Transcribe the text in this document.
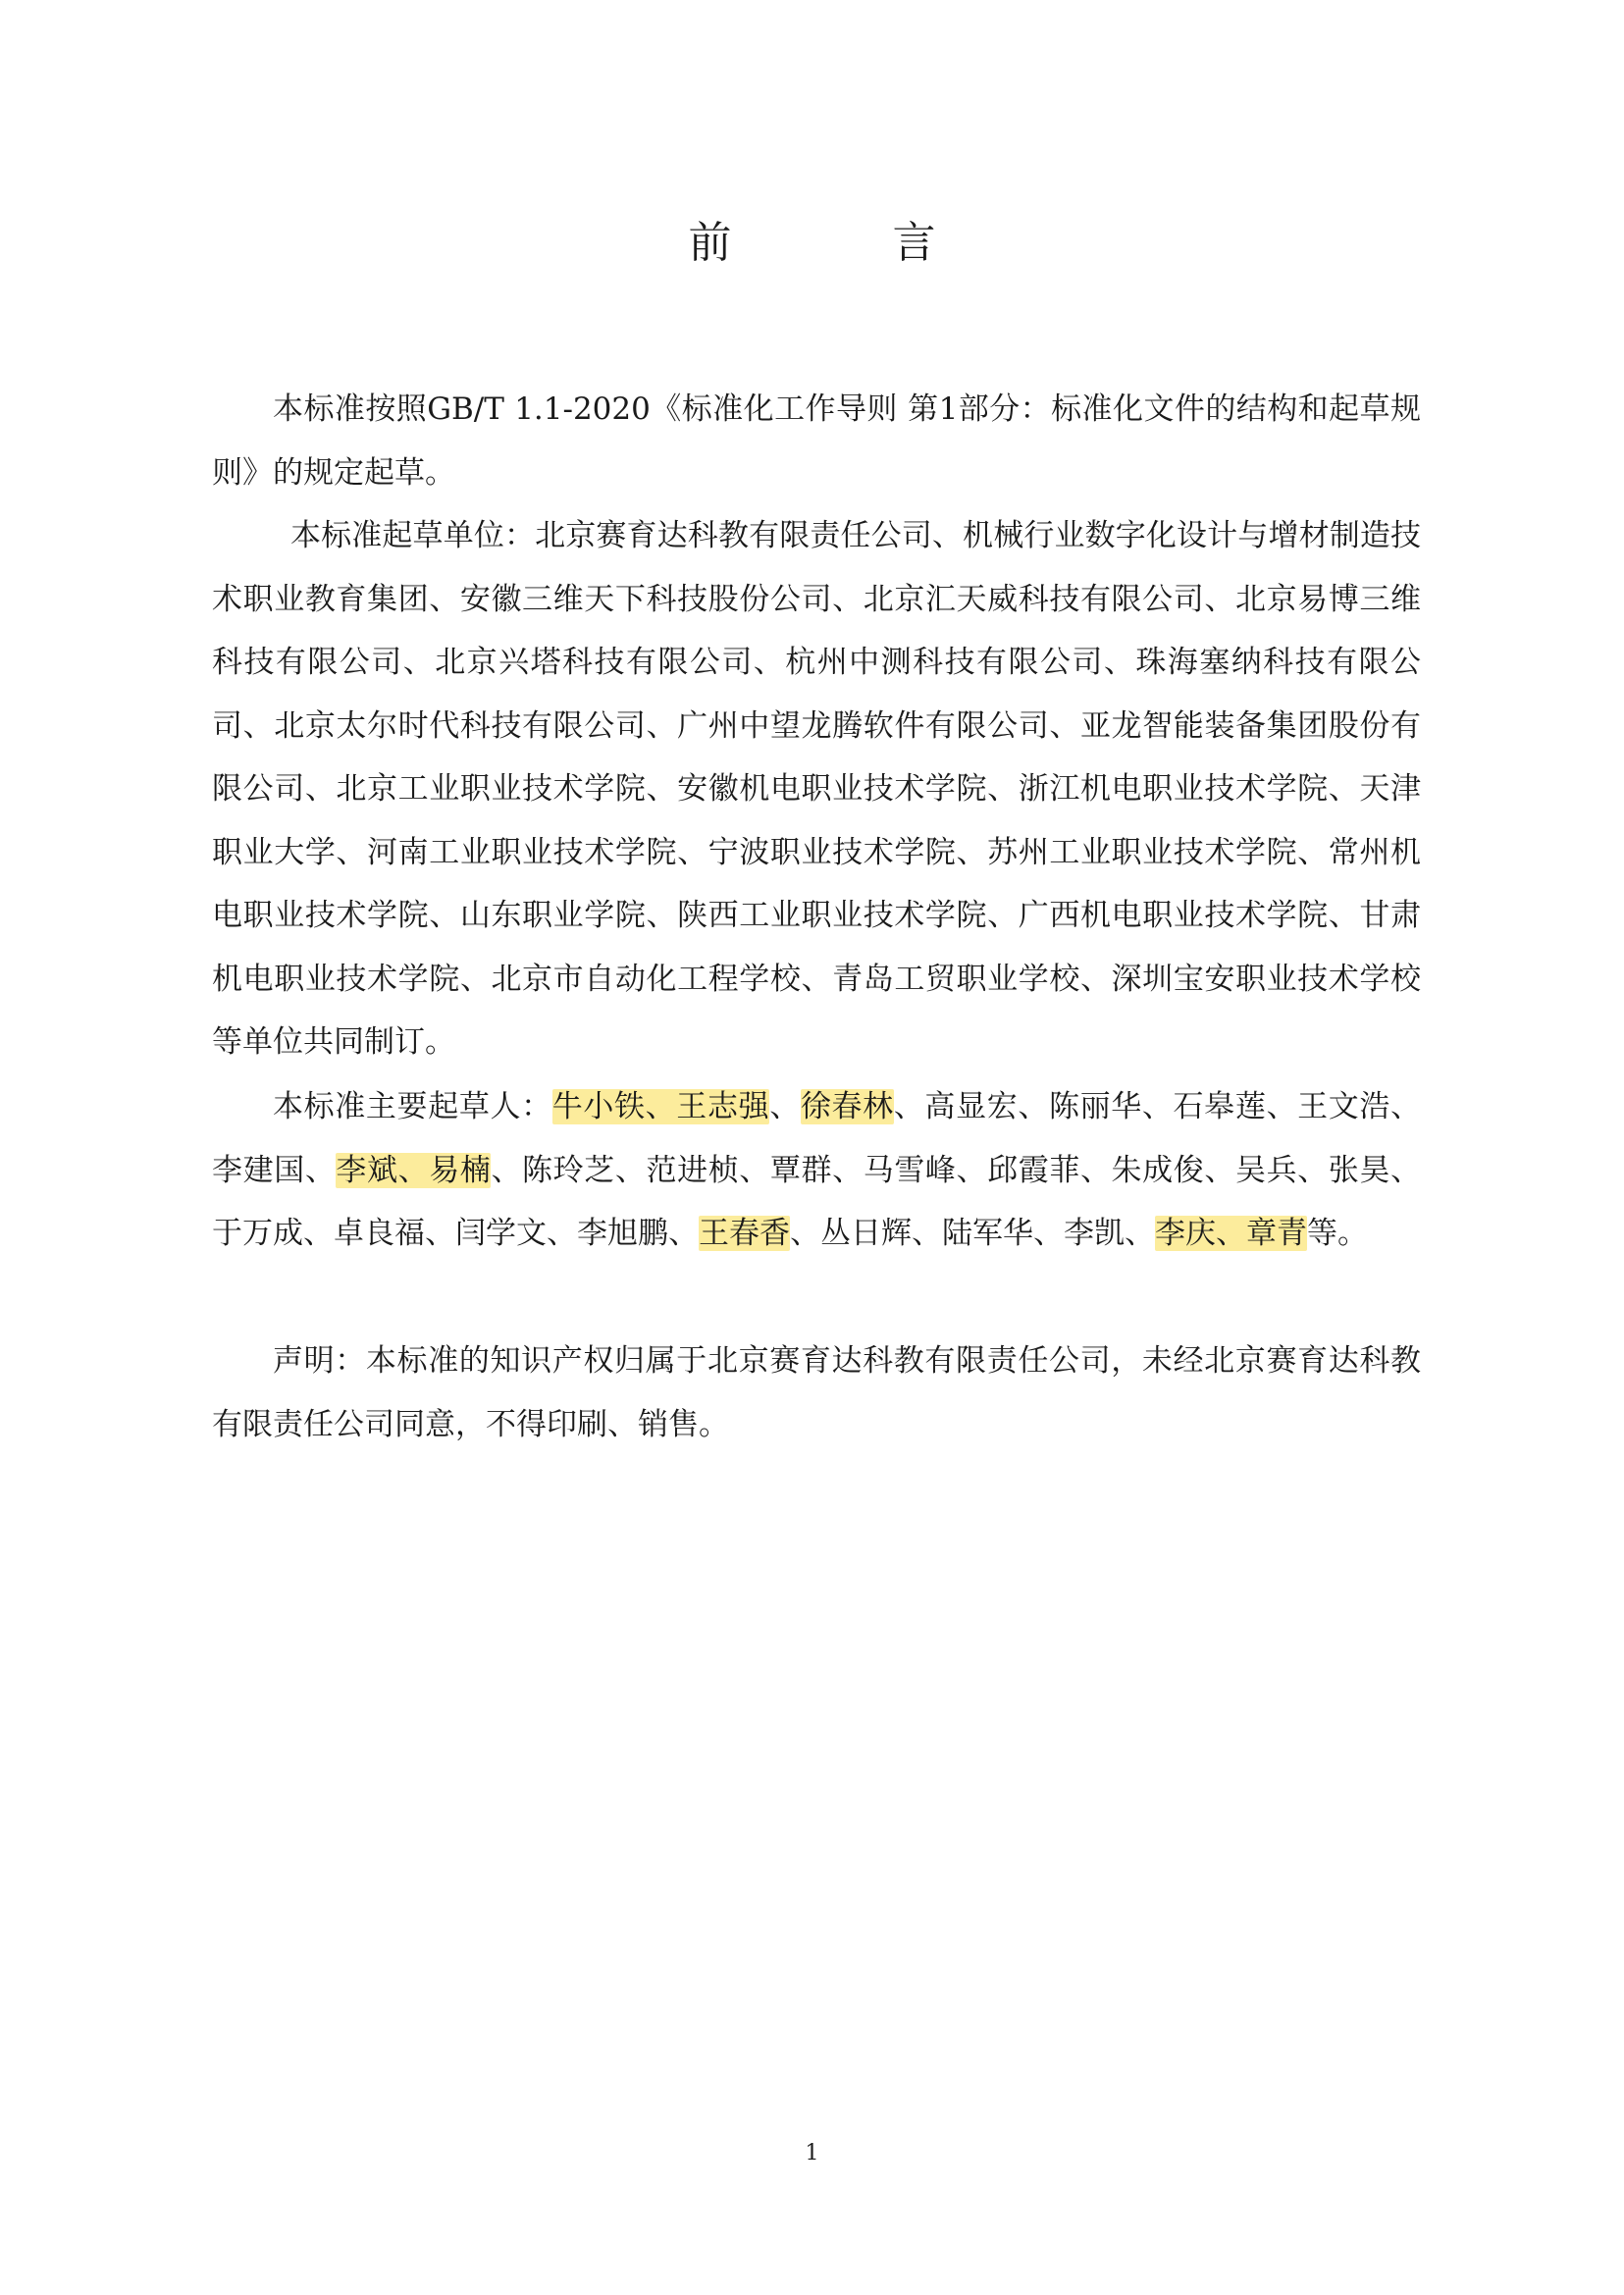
前　言

本标准按照GB/T 1.1-2020《标准化工作导则 第1部分：标准化文件的结构和起草规则》的规定起草。

本标准起草单位：北京赛育达科教有限责任公司、机械行业数字化设计与增材制造技术职业教育集团、安徽三维天下科技股份公司、北京汇天威科技有限公司、北京易博三维科技有限公司、北京兴塔科技有限公司、杭州中测科技有限公司、珠海塞纳科技有限公司、北京太尔时代科技有限公司、广州中望龙腾软件有限公司、亚龙智能装备集团股份有限公司、北京工业职业技术学院、安徽机电职业技术学院、浙江机电职业技术学院、天津职业大学、河南工业职业技术学院、宁波职业技术学院、苏州工业职业技术学院、常州机电职业技术学院、山东职业学院、陕西工业职业技术学院、广西机电职业技术学院、甘肃机电职业技术学院、北京市自动化工程学校、青岛工贸职业学校、深圳宝安职业技术学校等单位共同制订。

本标准主要起草人：牛小铁、王志强、徐春林、高显宏、陈丽华、石皋莲、王文浩、李建国、李斌、易楠、陈玲芝、范进桢、覃群、马雪峰、邱霞菲、朱成俊、吴兵、张昊、于万成、卓良福、闫学文、李旭鹏、王春香、丛日辉、陆军华、李凯、李庆、章青等。

声明：本标准的知识产权归属于北京赛育达科教有限责任公司，未经北京赛育达科教有限责任公司同意，不得印刷、销售。

1
